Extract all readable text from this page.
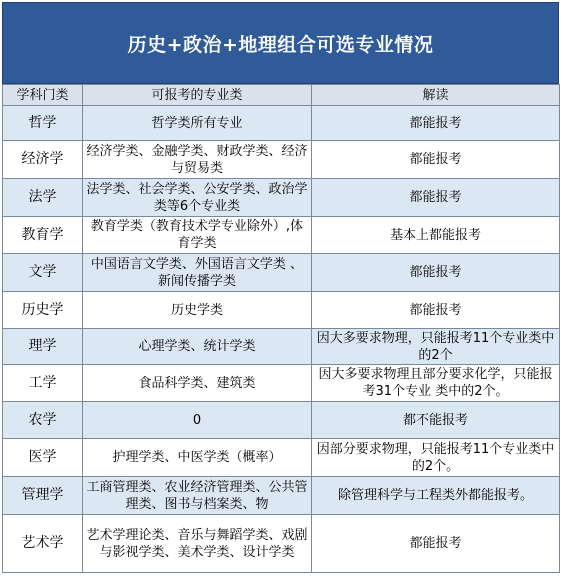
历史+政治+地理组合可选专业情况
学科门类	可报考的专业类	解读
哲学	哲学类所有专业	都能报考
经济学	经济学类、金融学类、财政学类、经济与贸易类	都能报考
法学	法学类、社会学类、公安学类、政治学类等6个专业类	都能报考
教育学	教育学类（教育技术学专业除外）,体育学类	基本上都能报考
文学	中国语言文学类、外国语言文学类 、新闻传播学类	都能报考
历史学	历史学类	都能报考
理学	心理学类、统计学类	因大多要求物理，只能报考11个专业类中的2个
工学	食品科学类、建筑类	因大多要求物理且部分要求化学，只能报考31个专业 类中的2个。
农学	0	都不能报考
医学	护理学类、中医学类（概率）	因部分要求物理，只能报考11个专业类中的2个。
管理学	工商管理类、农业经济管理类、公共管理类、图书与档案类、物	除管理科学与工程类外都能报考。
艺术学	艺术学理论类、音乐与舞蹈学类、戏剧与影视学类、美术学类、设计学类	都能报考
